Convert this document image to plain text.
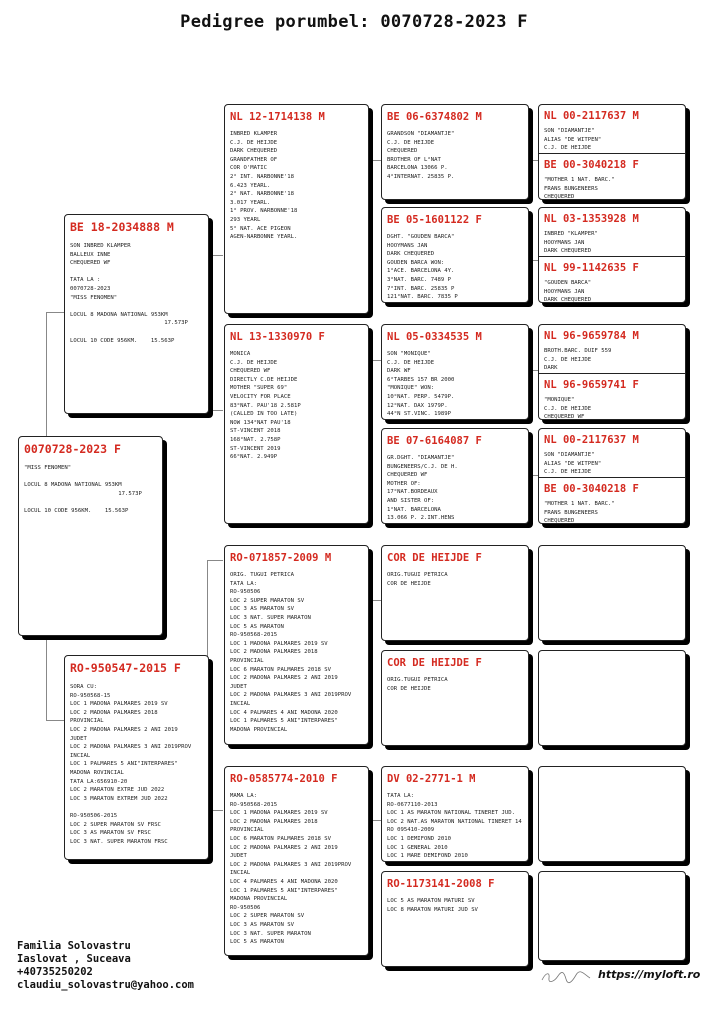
Pedigree porumbel: 0070728-2023 F
0070728-2023 F
"MISS FENOMEN"

LOCUL 8 MADONA NATIONAL 953KM
17.573P

LOCUL 10 CODE 956KM.    15.563P
BE 18-2034888 M
SON INBRED KLAMPER
BALLEUX INNE
CHEQUERED WF

TATA LA :
0070728-2023
"MISS FENOMEN"

LOCUL 8 MADONA NATIONAL 953KM
17.573P

LOCUL 10 CODE 956KM.    15.563P
RO-950547-2015 F
SORA CU:
RO-950568-15
LOC 1 MADONA PALMARES 2019 SV
LOC 2 MADONA PALMARES 2018
PROVINCIAL
LOC 2 MADONA PALMARES 2 ANI 2019
JUDET
LOC 2 MADONA PALMARES 3 ANI 2019PROV
INCIAL
LOC 1 PALMARES 5 ANI"INTERPARES"
MADONA ROVINCIAL
TATA LA:656910-20
LOC 2 MARATON EXTRE JUD 2022
LOC 3 MARATON EXTREM JUD 2022

RO-950506-2015
LOC 2 SUPER MARATON SV FRSC
LOC 3 AS MARATON SV FRSC
LOC 3 NAT. SUPER MARATON FRSC
NL 12-1714138 M
INBRED KLAMPER
C.J. DE HEIJDE
DARK CHEQUERED
GRANDFATHER OF
COR O'MATIC
2° INT. NARBONNE'18
6.423 YEARL.
2° NAT. NARBONNE'18
3.017 YEARL.
1° PROV. NARBONNE'18
293 YEARL
5° NAT. ACE PIGEON
AGEN-NARBONNE YEARL.
NL 13-1330970 F
MONICA
C.J. DE HEIJDE
CHEQUERED WF
DIRECTLY C.DE HEIJDE
MOTHER "SUPER 69"
VELOCITY FOR PLACE
83°NAT. PAU'18 2.581P
(CALLED IN TOO LATE)
NOW 134°NAT PAU'18
ST-VINCENT 2018
168°NAT. 2.758P
ST-VINCENT 2019
66°NAT. 2.949P
RO-071857-2009 M
ORIG. TUGUI PETRICA
TATA LA:
RO-950506
LOC 2 SUPER MARATON SV
LOC 3 AS MARATON SV
LOC 3 NAT. SUPER MARATON
LOC 5 AS MARATON
RO-950568-2015
LOC 1 MADONA PALMARES 2019 SV
LOC 2 MADONA PALMARES 2018
PROVINCIAL
LOC 6 MARATON PALMARES 2018 SV
LOC 2 MADONA PALMARES 2 ANI 2019
JUDET
LOC 2 MADONA PALMARES 3 ANI 2019PROV
INCIAL
LOC 4 PALMARES 4 ANI MADONA 2020
LOC 1 PALMARES 5 ANI"INTERPARES"
MADONA PROVINCIAL
RO-0585774-2010 F
MAMA LA:
RO-950568-2015
LOC 1 MADONA PALMARES 2019 SV
LOC 2 MADONA PALMARES 2018
PROVINCIAL
LOC 6 MARATON PALMARES 2018 SV
LOC 2 MADONA PALMARES 2 ANI 2019
JUDET
LOC 2 MADONA PALMARES 3 ANI 2019PROV
INCIAL
LOC 4 PALMARES 4 ANI MADONA 2020
LOC 1 PALMARES 5 ANI"INTERPARES"
MADONA PROVINCIAL
RO-950506
LOC 2 SUPER MARATON SV
LOC 3 AS MARATON SV
LOC 3 NAT. SUPER MARATON
LOC 5 AS MARATON
BE 06-6374802 M
GRANDSON "DIAMANTJE"
C.J. DE HEIJDE
CHEQUERED
BROTHER OF L°NAT
BARCELONA 13066 P.
4°INTERNAT. 25835 P.
BE 05-1601122 F
DGHT. "GOUDEN BARCA"
HOOYMANS JAN
DARK CHEQUERED
GOUDEN BARCA WON:
1°ACE. BARCELONA 4Y.
3°NAT. BARC. 7489 P
7°INT. BARC. 25835 P
121°NAT. BARC. 7835 P
NL 05-0334535 M
SON "MONIQUE"
C.J. DE HEIJDE
DARK WF
6°TARBES 157 BR 2000
"MONIQUE" WON:
10°NAT. PERP. 5479P.
12°NAT. DAX 1979P.
44°N ST.VINC. 1989P
BE 07-6164087 F
GR.DGHT. "DIAMANTJE"
BUNGENEERS/C.J. DE H.
CHEQUERED WF
MOTHER OF:
17°NAT.BORDEAUX
AND SISTER OF:
1°NAT. BARCELONA
13.066 P. 2.INT.HENS
COR DE HEIJDE F
ORIG.TUGUI PETRICA
COR DE HEIJDE
COR DE HEIJDE F
ORIG.TUGUI PETRICA
COR DE HEIJDE
DV 02-2771-1 M
TATA LA:
RO-0677110-2013
LOC 1 AS MARATON NATIONAL TINERET JUD.
LOC 2 NAT.AS MARATON NATIONAL TINERET 14
RO 095410-2009
LOC 1 DEMIFOND 2010
LOC 1 GENERAL 2010
LOC 1 MARE DEMIFOND 2010
RO-1173141-2008 F
LOC 5 AS MARATON MATURI SV
LOC 8 MARATON MATURI JUD SV
NL 00-2117637 M
SON "DIAMANTJE"
ALIAS "DE WITPEN"
C.J. DE HEIJDE
BE 00-3040218 F
"MOTHER 1 NAT. BARC."
FRANS BUNGENEERS
CHEQUERED
NL 03-1353928 M
INBRED "KLAMPER"
HOOYMANS JAN
DARK CHEQUERED
NL 99-1142635 F
"GOUDEN BARCA"
HOOYMANS JAN
DARK CHEQUERED
NL 96-9659784 M
BROTH.BARC. DUIF 559
C.J. DE HEIJDE
DARK
NL 96-9659741 F
"MONIQUE"
C.J. DE HEIJDE
CHEQUERED WF
NL 00-2117637 M
SON "DIAMANTJE"
ALIAS "DE WITPEN"
C.J. DE HEIJDE
BE 00-3040218 F
"MOTHER 1 NAT. BARC."
FRANS BUNGENEERS
CHEQUERED
Familia Solovastru
Iaslovat , Suceava
+40735250202
claudiu_solovastru@yahoo.com
https://myloft.ro
